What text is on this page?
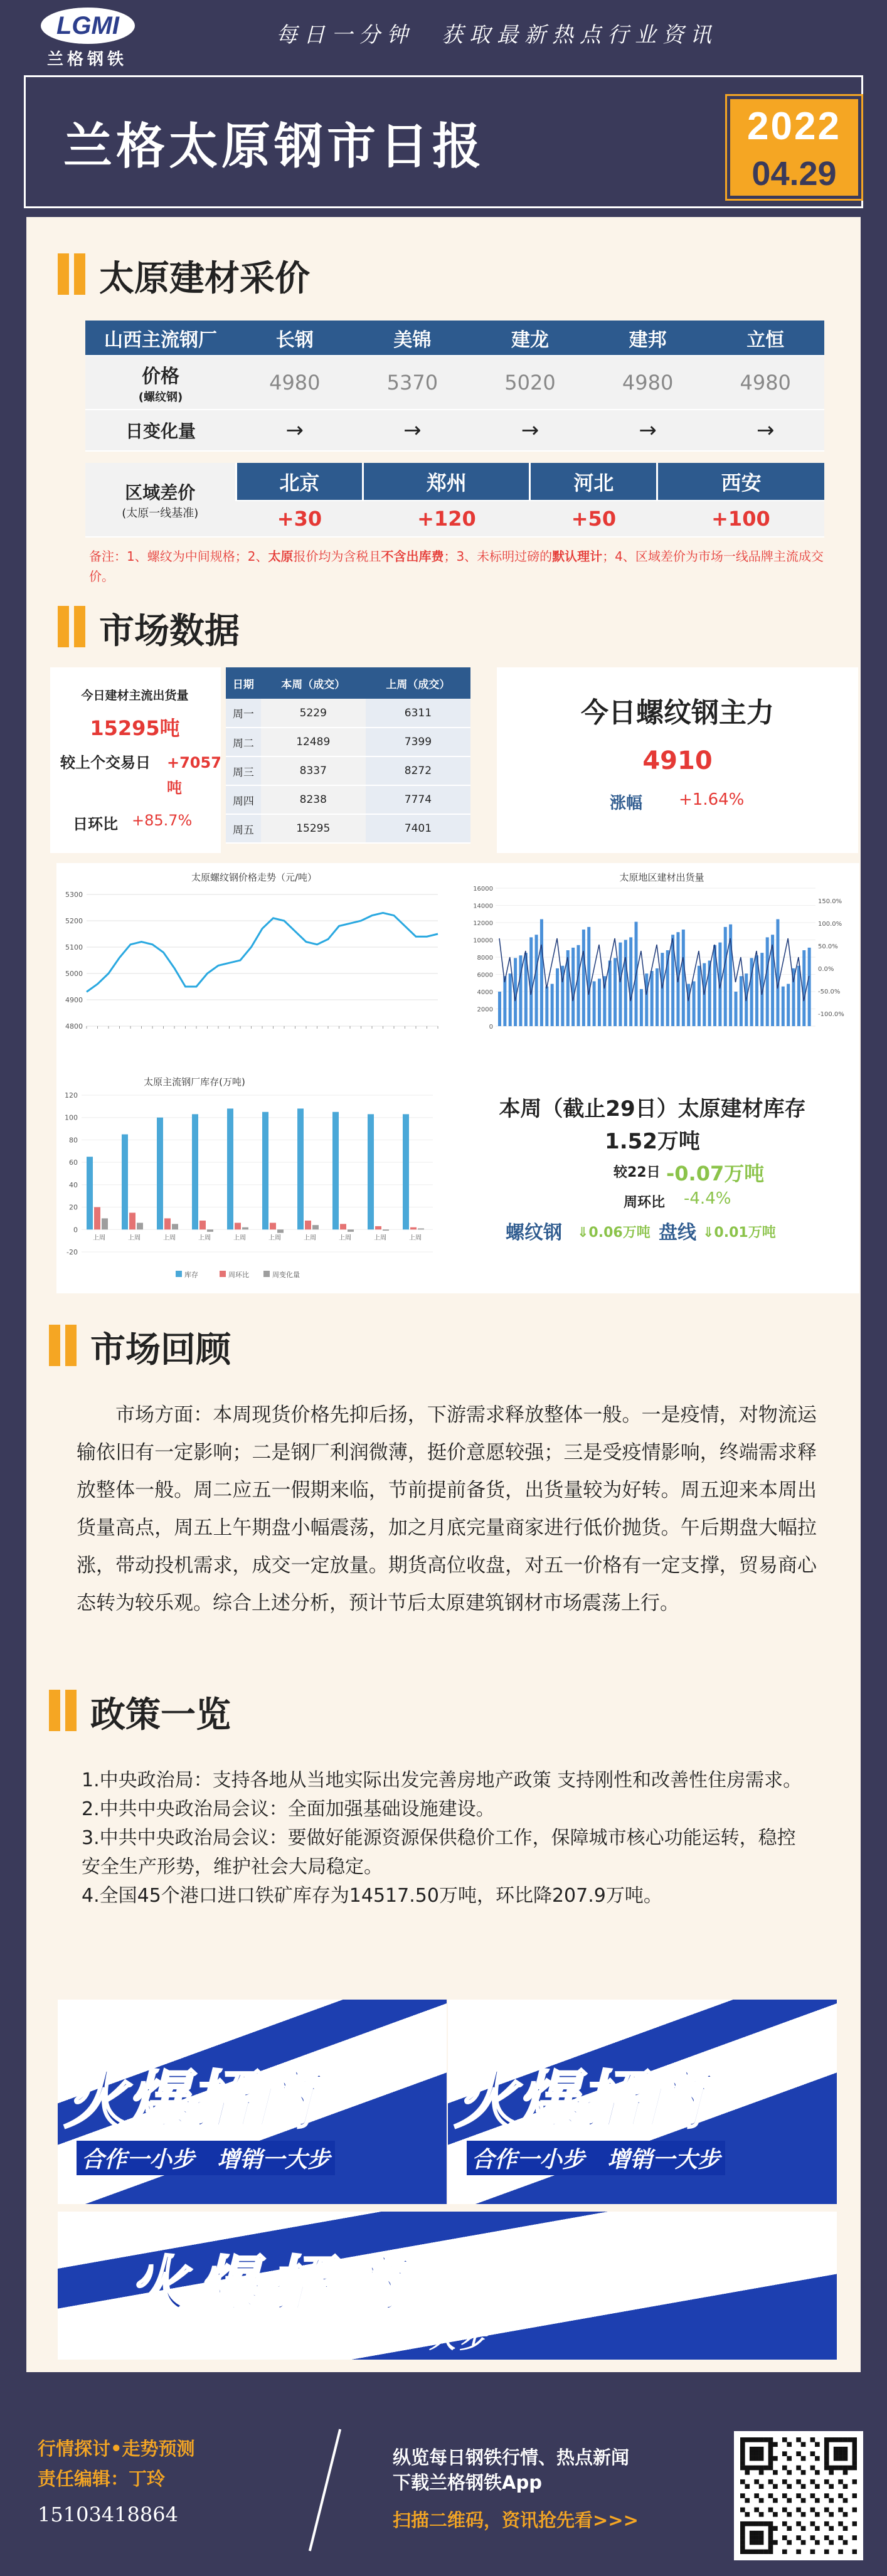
LGMI
兰格钢铁
每日一分钟　获取最新热点行业资讯
兰格太原钢市日报	2022
04.29
太原建材采价
山西主流钢厂	长钢	美锦	建龙	建邦	立恒

价格
(螺纹钢)	4980	5370	5020	4980	4980
日变化量	→	→	→	→	→
区域差价
(太原一线基准)	北京	郑州	河北	西安
	+30	+120	+50	+100
备注：1、螺纹为中间规格；2、太原报价均为含税且不含出库费；3、未标明过磅的默认理计；4、区域差价为市场一线品牌主流成交价。
市场数据
今日建材主流出货量
15295吨
较上个交易日 +7057吨
日环比 +85.7%
日期	本周（成交）	上周（成交）
周一	5229	6311
周二	12489	7399
周三	8337	8272
周四	8238	7774
周五	15295	7401
今日螺纹钢主力
4910
涨幅 +1.64%
太原螺纹钢价格走势（元/吨）
5300
5200
5100
5000
4900
4800
太原地区建材出货量
16000
14000
12000
10000
8000
6000
4000
2000
0
150.0%
100.0%
50.0%
0.0%
-50.0%
-100.0%
太原主流钢厂库存(万吨)
120
100
80
60
40
20
0
-20
上周	上周	上周	上周	上周	上周	上周	上周	上周	上周
库存	周环比	周变化量
本周（截止29日）太原建材库存
1.52万吨
较22日 -0.07万吨
周环比 -4.4%
螺纹钢 ⇓0.06万吨 盘线 ⇓0.01万吨
市场回顾
市场方面：本周现货价格先抑后扬，下游需求释放整体一般。一是疫情，对物流运输依旧有一定影响；二是钢厂利润微薄，挺价意愿较强；三是受疫情影响，终端需求释放整体一般。周二应五一假期来临，节前提前备货，出货量较为好转。周五迎来本周出货量高点，周五上午期盘小幅震荡，加之月底完量商家进行低价抛货。午后期盘大幅拉涨，带动投机需求，成交一定放量。期货高位收盘，对五一价格有一定支撑，贸易商心态转为较乐观。综合上述分析，预计节后太原建筑钢材市场震荡上行。
政策一览

1.中央政治局：支持各地从当地实际出发完善房地产政策 支持刚性和改善性住房需求。

2.中共中央政治局会议：全面加强基础设施建设。

3.中共中央政治局会议：要做好能源资源保供稳价工作，保障城市核心功能运转，稳控安全生产形势，维护社会大局稳定。

4.全国45个港口进口铁矿库存为14517.50万吨，环比降207.9万吨。

火爆招商
合作一小步　增销一大步
火爆招商
合作一小步　增销一大步
火爆招商
合作一小步　增销一大步
行情探讨•走势预测
责任编辑：丁玲
15103418864
纵览每日钢铁行情、热点新闻
下载兰格钢铁App
扫描二维码，资讯抢先看>>>
